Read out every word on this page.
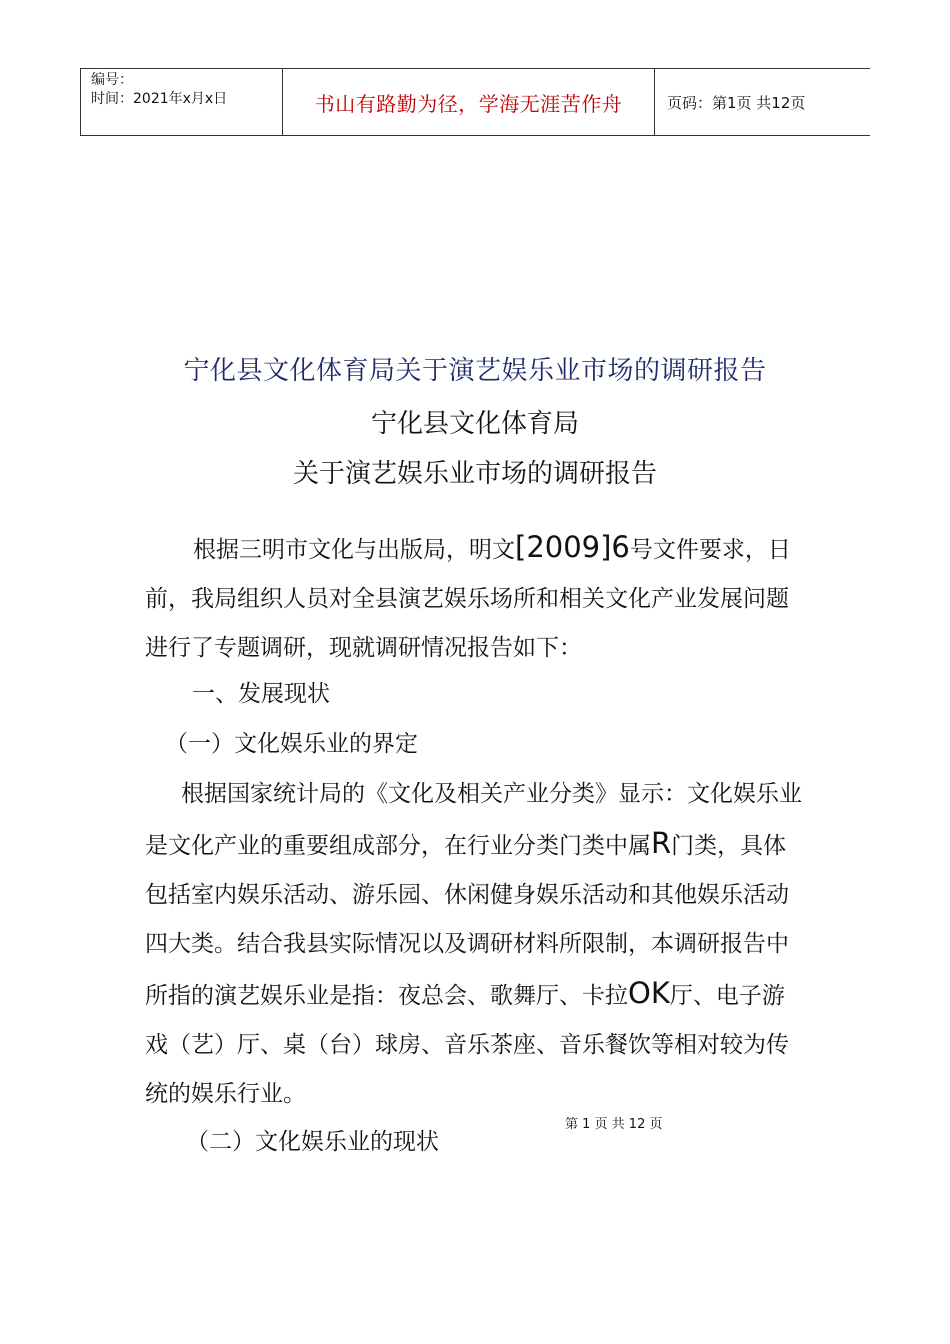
编号：
时间：2021年x月x日	书山有路勤为径，学海无涯苦作舟	页码：第1页 共12页
宁化县文化体育局关于演艺娱乐业市场的调研报告
宁化县文化体育局
关于演艺娱乐业市场的调研报告
根据三明市文化与出版局，明文[2009]6号文件要求，日前，我局组织人员对全县演艺娱乐场所和相关文化产业发展问题进行了专题调研，现就调研情况报告如下：
一、发展现状
（一）文化娱乐业的界定
根据国家统计局的《文化及相关产业分类》显示：文化娱乐业是文化产业的重要组成部分，在行业分类门类中属R门类，具体包括室内娱乐活动、游乐园、休闲健身娱乐活动和其他娱乐活动四大类。结合我县实际情况以及调研材料所限制，本调研报告中所指的演艺娱乐业是指：夜总会、歌舞厅、卡拉OK厅、电子游戏（艺）厅、桌（台）球房、音乐茶座、音乐餐饮等相对较为传统的娱乐行业。
第 1 页 共 12 页
（二）文化娱乐业的现状
